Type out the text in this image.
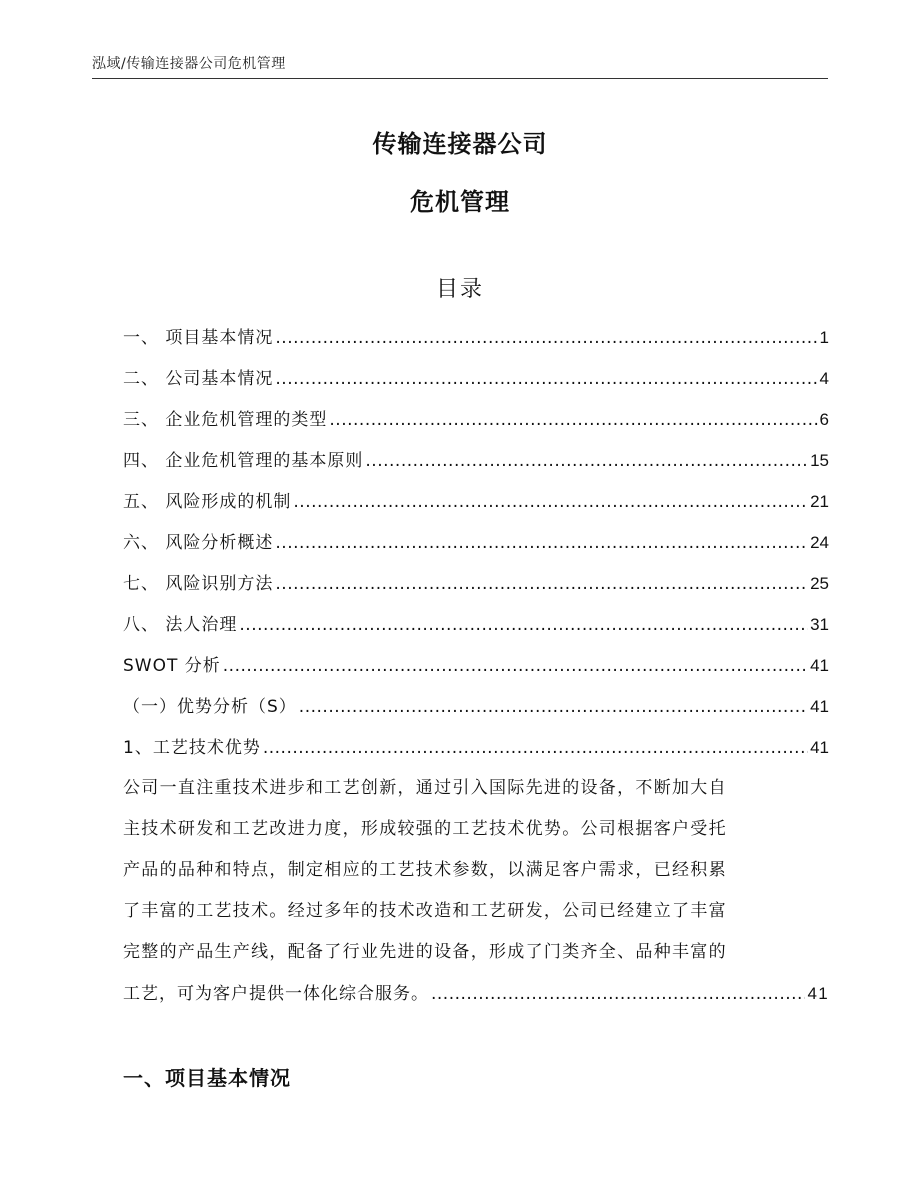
泓域/传输连接器公司危机管理
传输连接器公司
危机管理
目录
一、 项目基本情况 .....	1
二、 公司基本情况 .....	4
三、 企业危机管理的类型 .....	6
四、 企业危机管理的基本原则 .....	15
五、 风险形成的机制 .....	21
六、 风险分析概述 .....	24
七、 风险识别方法 .....	25
八、 法人治理 .....	31
SWOT 分析 .....	41
（一）优势分析（S） .....	41
1、工艺技术优势 .....	41
公司一直注重技术进步和工艺创新，通过引入国际先进的设备，不断加大自
主技术研发和工艺改进力度，形成较强的工艺技术优势。公司根据客户受托
产品的品种和特点，制定相应的工艺技术参数，以满足客户需求，已经积累
了丰富的工艺技术。经过多年的技术改造和工艺研发，公司已经建立了丰富
完整的产品生产线，配备了行业先进的设备，形成了门类齐全、品种丰富的
工艺，可为客户提供一体化综合服务。 .....	41
一、项目基本情况
